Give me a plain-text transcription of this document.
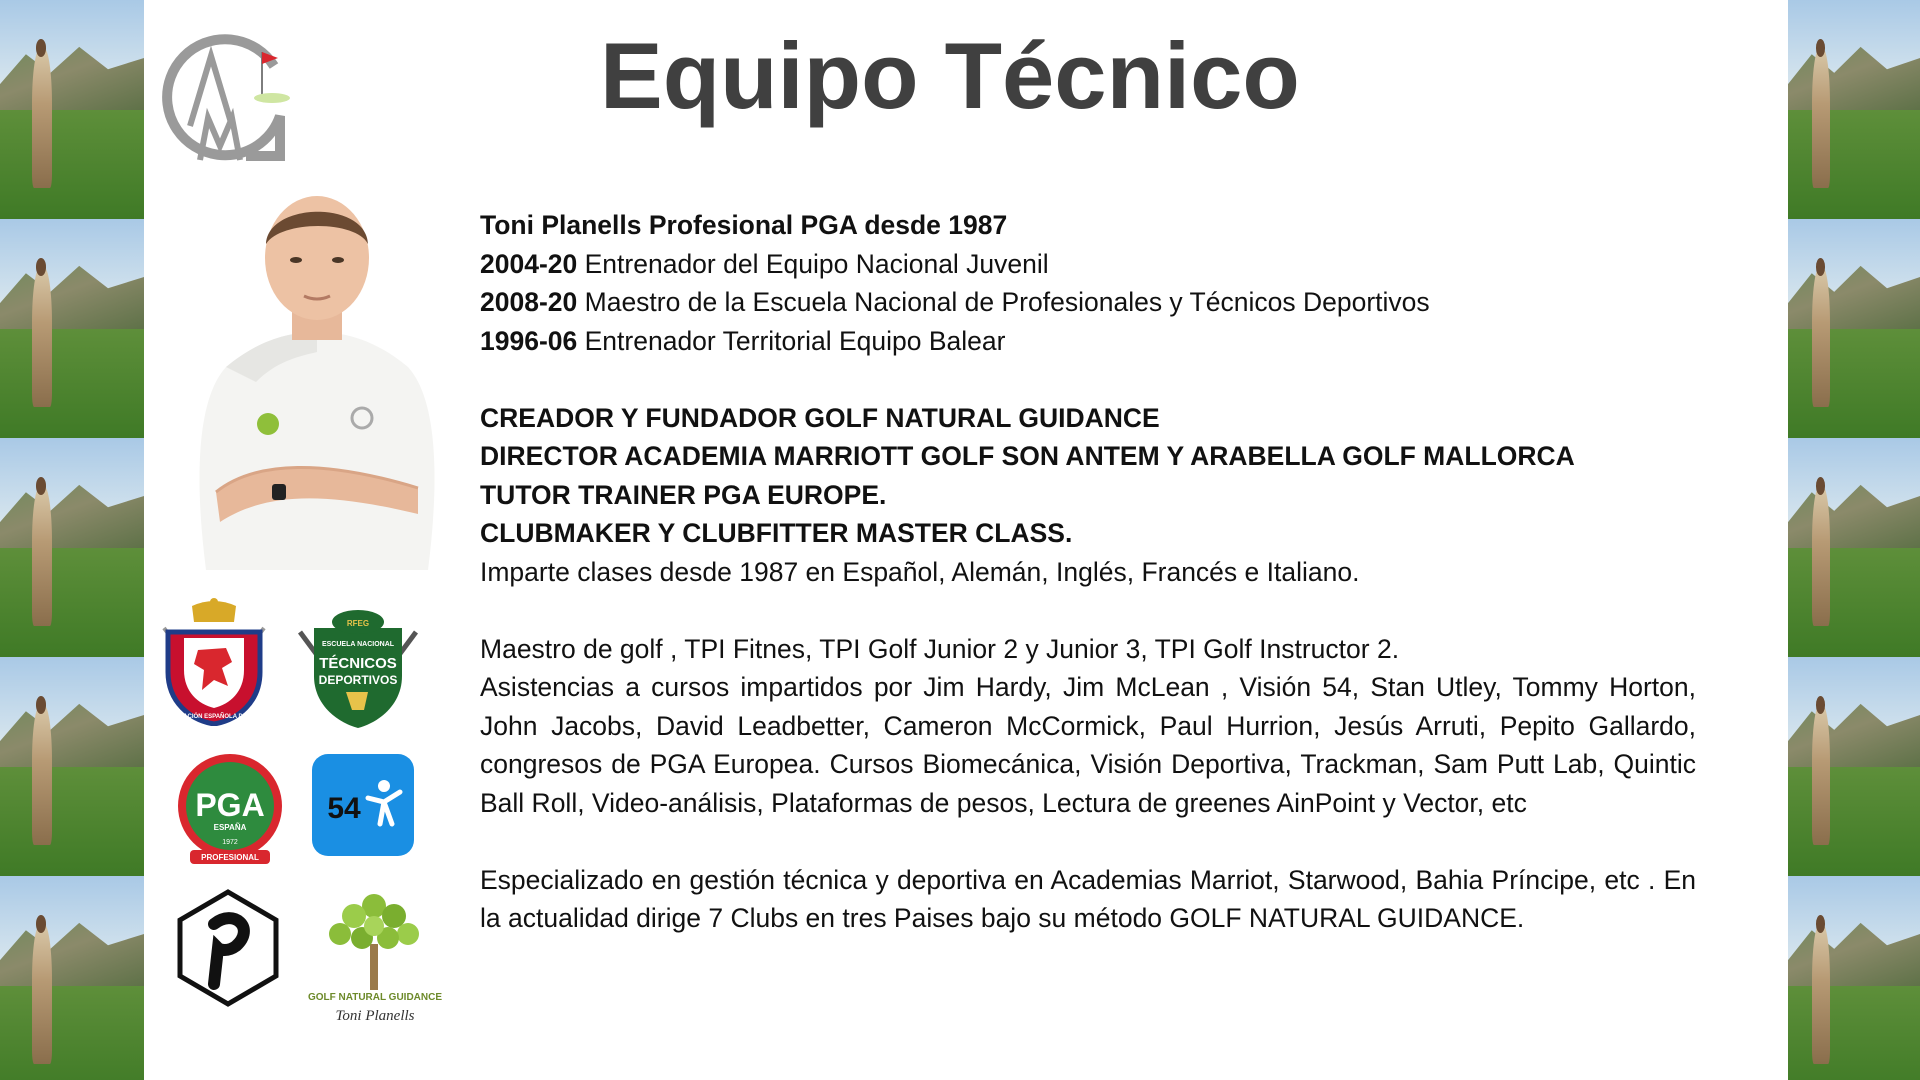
Equipo Técnico
FEDERACIÓN ESPAÑOLA DE GOLF
RFEG
ESCUELA NACIONAL
TÉCNICOS
DEPORTIVOS
PGA
ESPAÑA
1972
PROFESIONAL
54
GOLF NATURAL GUIDANCE
Toni Planells

Toni Planells Profesional PGA desde 1987

2004-20 Entrenador del Equipo Nacional Juvenil

2008-20 Maestro de la Escuela Nacional de Profesionales y Técnicos Deportivos

1996-06 Entrenador Territorial Equipo Balear

CREADOR Y FUNDADOR GOLF NATURAL GUIDANCE

DIRECTOR ACADEMIA MARRIOTT GOLF SON ANTEM Y ARABELLA GOLF MALLORCA

TUTOR TRAINER PGA EUROPE.

CLUBMAKER Y CLUBFITTER MASTER CLASS.

Imparte clases desde 1987 en Español, Alemán, Inglés, Francés e Italiano.

Maestro de golf , TPI Fitnes, TPI Golf Junior 2 y Junior 3, TPI Golf Instructor 2.

Asistencias a cursos impartidos por Jim Hardy, Jim McLean , Visión 54, Stan Utley, Tommy Horton, John Jacobs, David Leadbetter, Cameron McCormick, Paul Hurrion, Jesús Arruti, Pepito Gallardo, congresos de PGA Europea. Cursos Biomecánica, Visión Deportiva, Trackman, Sam Putt Lab, Quintic Ball Roll, Video-análisis, Plataformas de pesos, Lectura de greenes AinPoint y Vector, etc

Especializado en gestión técnica y deportiva en Academias Marriot, Starwood, Bahia Príncipe, etc . En la actualidad dirige 7 Clubs en tres Paises bajo su método GOLF NATURAL GUIDANCE.
